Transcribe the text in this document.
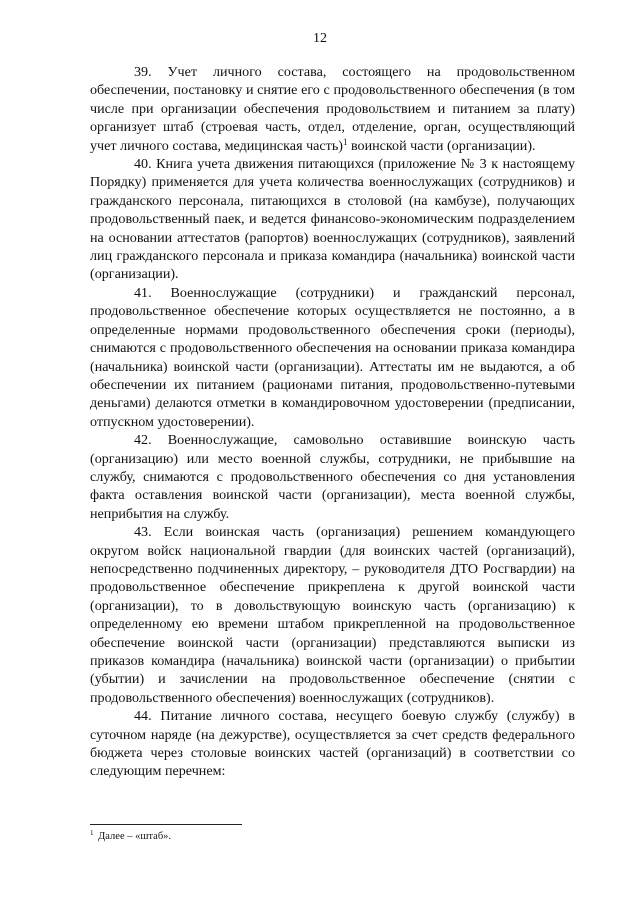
12

39. Учет личного состава, состоящего на продовольственном обеспечении, постановку и снятие его с продовольственного обеспечения (в том числе при организации обеспечения продовольствием и питанием за плату) организует штаб (строевая часть, отдел, отделение, орган, осуществляющий учет личного состава, медицинская часть)$^1$ воинской части (организации).

40. Книга учета движения питающихся (приложение № 3 к настоящему Порядку) применяется для учета количества военнослужащих (сотрудников) и гражданского персонала, питающихся в столовой (на камбузе), получающих продовольственный паек, и ведется финансово-экономическим подразделением на основании аттестатов (рапортов) военнослужащих (сотрудников), заявлений лиц гражданского персонала и приказа командира (начальника) воинской части (организации).

41. Военнослужащие (сотрудники) и гражданский персонал, продовольственное обеспечение которых осуществляется не постоянно, а в определенные нормами продовольственного обеспечения сроки (периоды), снимаются с продовольственного обеспечения на основании приказа командира (начальника) воинской части (организации). Аттестаты им не выдаются, а об обеспечении их питанием (рационами питания, продовольственно-путевыми деньгами) делаются отметки в командировочном удостоверении (предписании, отпускном удостоверении).

42. Военнослужащие, самовольно оставившие воинскую часть (организацию) или место военной службы, сотрудники, не прибывшие на службу, снимаются с продовольственного обеспечения со дня установления факта оставления воинской части (организации), места военной службы, неприбытия на службу.

43. Если воинская часть (организация) решением командующего округом войск национальной гвардии (для воинских частей (организаций), непосредственно подчиненных директору, – руководителя ДТО Росгвардии) на продовольственное обеспечение прикреплена к другой воинской части (организации), то в довольствующую воинскую часть (организацию) к определенному ею времени штабом прикрепленной на продовольственное обеспечение воинской части (организации) представляются выписки из приказов командира (начальника) воинской части (организации) о прибытии (убытии) и зачислении на продовольственное обеспечение (снятии с продовольственного обеспечения) военнослужащих (сотрудников).

44. Питание личного состава, несущего боевую службу (службу) в суточном наряде (на дежурстве), осуществляется за счет средств федерального бюджета через столовые воинских частей (организаций) в соответствии со следующим перечнем:

$^1$ Далее – «штаб».
